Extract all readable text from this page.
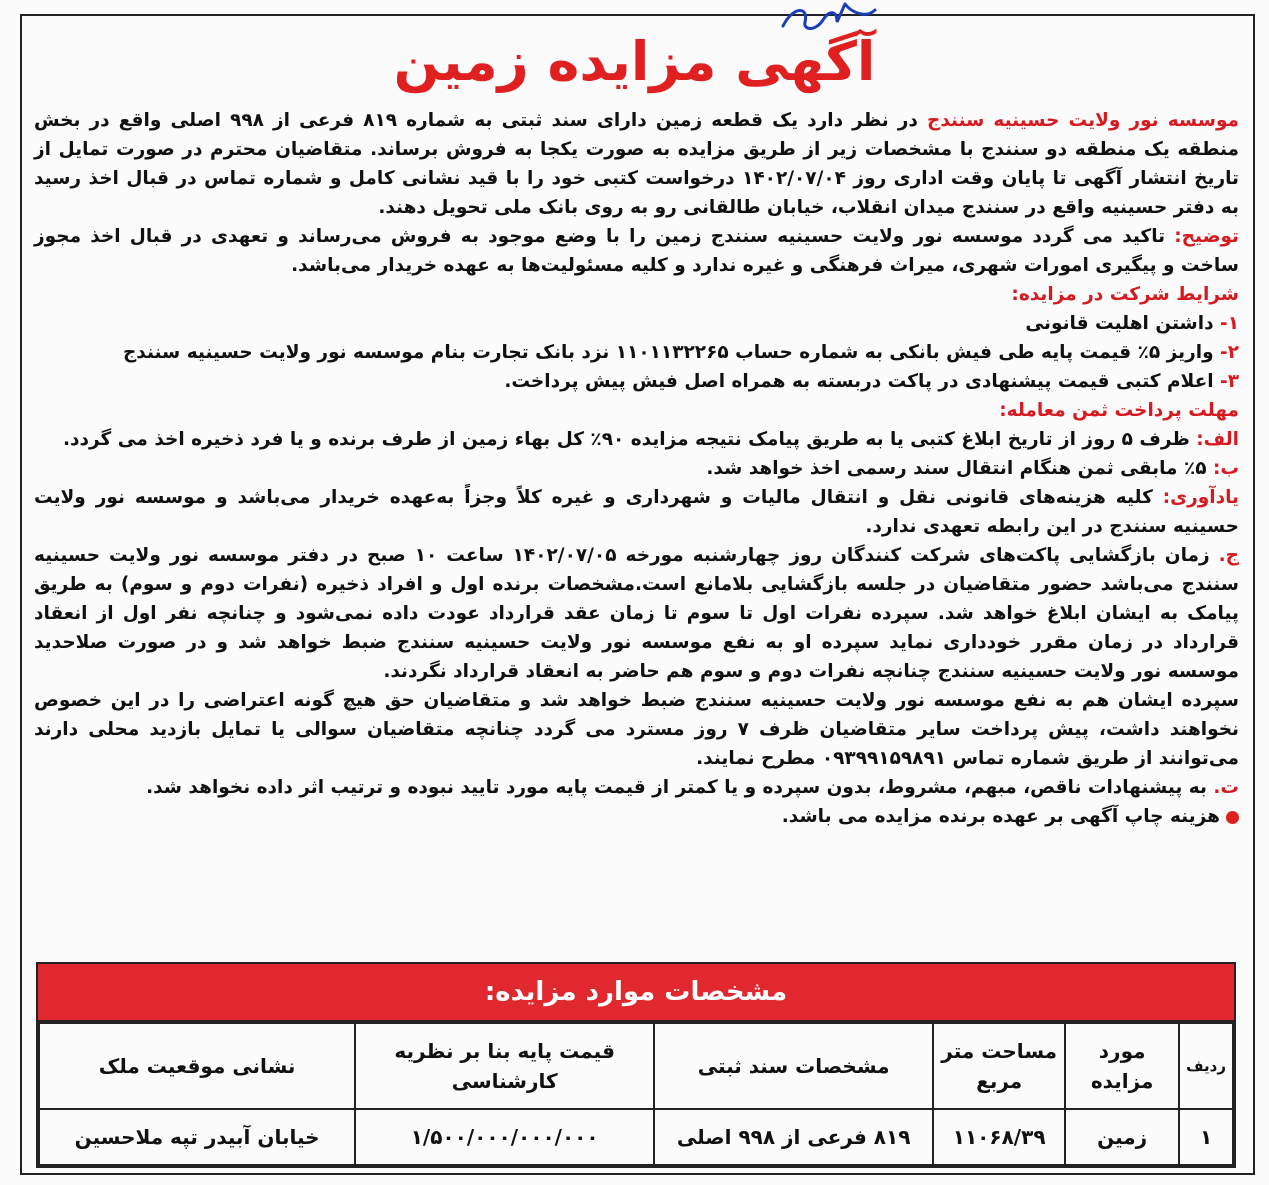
آگهی مزایده زمین

موسسه نور ولایت حسینیه سنندج در نظر دارد یک قطعه زمین دارای سند ثبتی به شماره ۸۱۹ فرعی از ۹۹۸ اصلی واقع در بخش منطقه یک منطقه دو سنندج با مشخصات زیر از طریق مزایده به صورت یکجا به فروش برساند. متقاضیان محترم در صورت تمایل از تاریخ انتشار آگهی تا پایان وقت اداری روز ۱۴۰۲/۰۷/۰۴ درخواست کتبی خود را با قید نشانی کامل و شماره تماس در قبال اخذ رسید به دفتر حسینیه واقع در سنندج میدان انقلاب، خیابان طالقانی رو به روی بانک ملی تحویل دهند.

توضیح: تاکید می گردد موسسه نور ولایت حسینیه سنندج زمین را با وضع موجود به فروش می‌رساند و تعهدی در قبال اخذ مجوز ساخت و پیگیری امورات شهری، میراث فرهنگی و غیره ندارد و کلیه مسئولیت‌ها به عهده خریدار می‌باشد.

شرایط شرکت در مزایده:

۱- داشتن اهلیت قانونی

۲- واریز ۵٪ قیمت پایه طی فیش بانکی به شماره حساب ۱۱۰۱۱۳۲۲۶۵ نزد بانک تجارت بنام موسسه نور ولایت حسینیه سنندج

۳- اعلام کتبی قیمت پیشنهادی در پاکت دربسته به همراه اصل فیش پیش پرداخت.

مهلت پرداخت ثمن معامله:

الف: ظرف ۵ روز از تاریخ ابلاغ کتبی یا به طریق پیامک نتیجه مزایده ۹۰٪ کل بهاء زمین از طرف برنده و یا فرد ذخیره اخذ می گردد.

ب: ۵٪ مابقی ثمن هنگام انتقال سند رسمی اخذ خواهد شد.

یادآوری: کلیه هزینه‌های قانونی نقل و انتقال مالیات و شهرداری و غیره کلاً وجزاً به‌عهده خریدار می‌باشد و موسسه نور ولایت حسینیه سنندج در این رابطه تعهدی ندارد.

ج. زمان بازگشایی پاکت‌های شرکت کنندگان روز چهارشنبه مورخه ۱۴۰۲/۰۷/۰۵ ساعت ۱۰ صبح در دفتر موسسه نور ولایت حسینیه سنندج می‌باشد حضور متقاضیان در جلسه بازگشایی بلامانع است.مشخصات برنده اول و افراد ذخیره (نفرات دوم و سوم) به طریق پیامک به ایشان ابلاغ خواهد شد. سپرده نفرات اول تا سوم تا زمان عقد قرارداد عودت داده نمی‌شود و چنانچه نفر اول از انعقاد قرارداد در زمان مقرر خودداری نماید سپرده او به نفع موسسه نور ولایت حسینیه سنندج ضبط خواهد شد و در صورت صلاحدید موسسه نور ولایت حسینیه سنندج چنانچه نفرات دوم و سوم هم حاضر به انعقاد قرارداد نگردند.

سپرده ایشان هم به نفع موسسه نور ولایت حسینیه سنندج ضبط خواهد شد و متقاضیان حق هیچ گونه اعتراضی را در این خصوص نخواهند داشت، پیش پرداخت سایر متقاضیان ظرف ۷ روز مسترد می گردد چنانچه متقاضیان سوالی یا تمایل بازدید محلی دارند می‌توانند از طریق شماره تماس ۰۹۳۹۹۱۵۹۸۹۱ مطرح نمایند.

ت. به پیشنهادات ناقص، مبهم، مشروط، بدون سپرده و یا کمتر از قیمت پایه مورد تایید نبوده و ترتیب اثر داده نخواهد شد.

هزینه چاپ آگهی بر عهده برنده مزایده می باشد.

مشخصات موارد مزایده:
ردیف	مورد مزایده	مساحت متر مربع	مشخصات سند ثبتی	قیمت پایه بنا بر نظریه کارشناسی	نشانی موقعیت ملک
۱	زمین	۱۱۰۶۸/۳۹	۸۱۹ فرعی از ۹۹۸ اصلی	۱/۵۰۰/۰۰۰/۰۰۰/۰۰۰	خیابان آبیدر تپه ملاحسین
